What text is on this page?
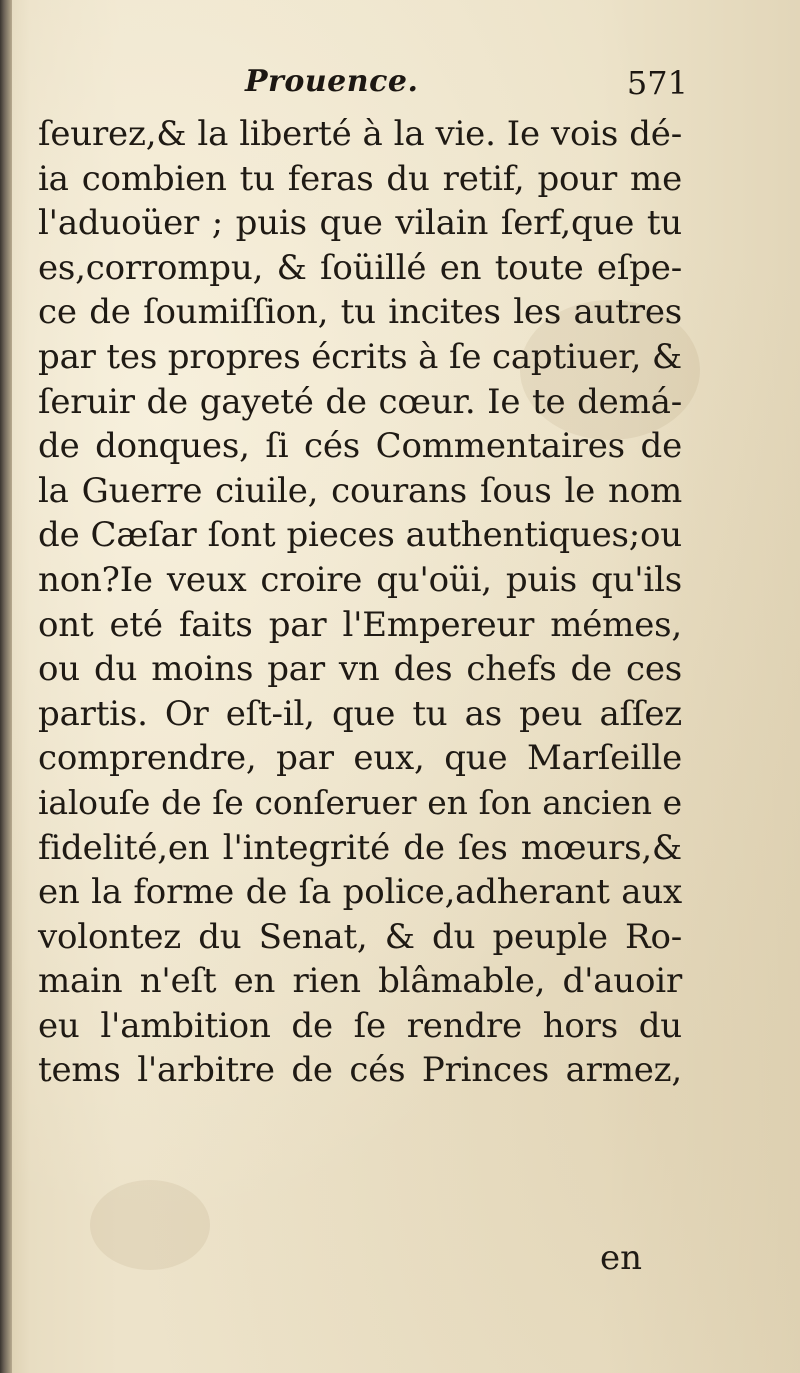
Prouence.	571
ſeurez,& la liberté à la vie. Ie vois dé-
ia combien tu feras du retif, pour me
l'aduoüer ; puis que vilain ſerf,que tu
es,corrompu, & ſoüillé en toute eſpe-
ce de ſoumiſſion, tu incites les autres
par tes propres écrits à ſe captiuer, &
ſeruir de gayeté de cœur. Ie te demá-
de donques, ſi cés Commentaires de
la Guerre ciuile, courans ſous le nom
de Cæſar ſont pieces authentiques;ou
non?Ie veux croire qu'oüi, puis qu'ils
ont eté faits par l'Empereur mémes,
ou du moins par vn des chefs de ces
partis. Or eſt-il, que tu as peu aſſez
comprendre, par eux, que Marſeille
ialouſe de ſe conſeruer en ſon ancien e
fidelité,en l'integrité de ſes mœurs,&
en la forme de ſa police,adherant aux
volontez du Senat, & du peuple Ro-
main n'eſt en rien blâmable, d'auoir
eu l'ambition de ſe rendre hors du
tems l'arbitre de cés Princes armez,
en
